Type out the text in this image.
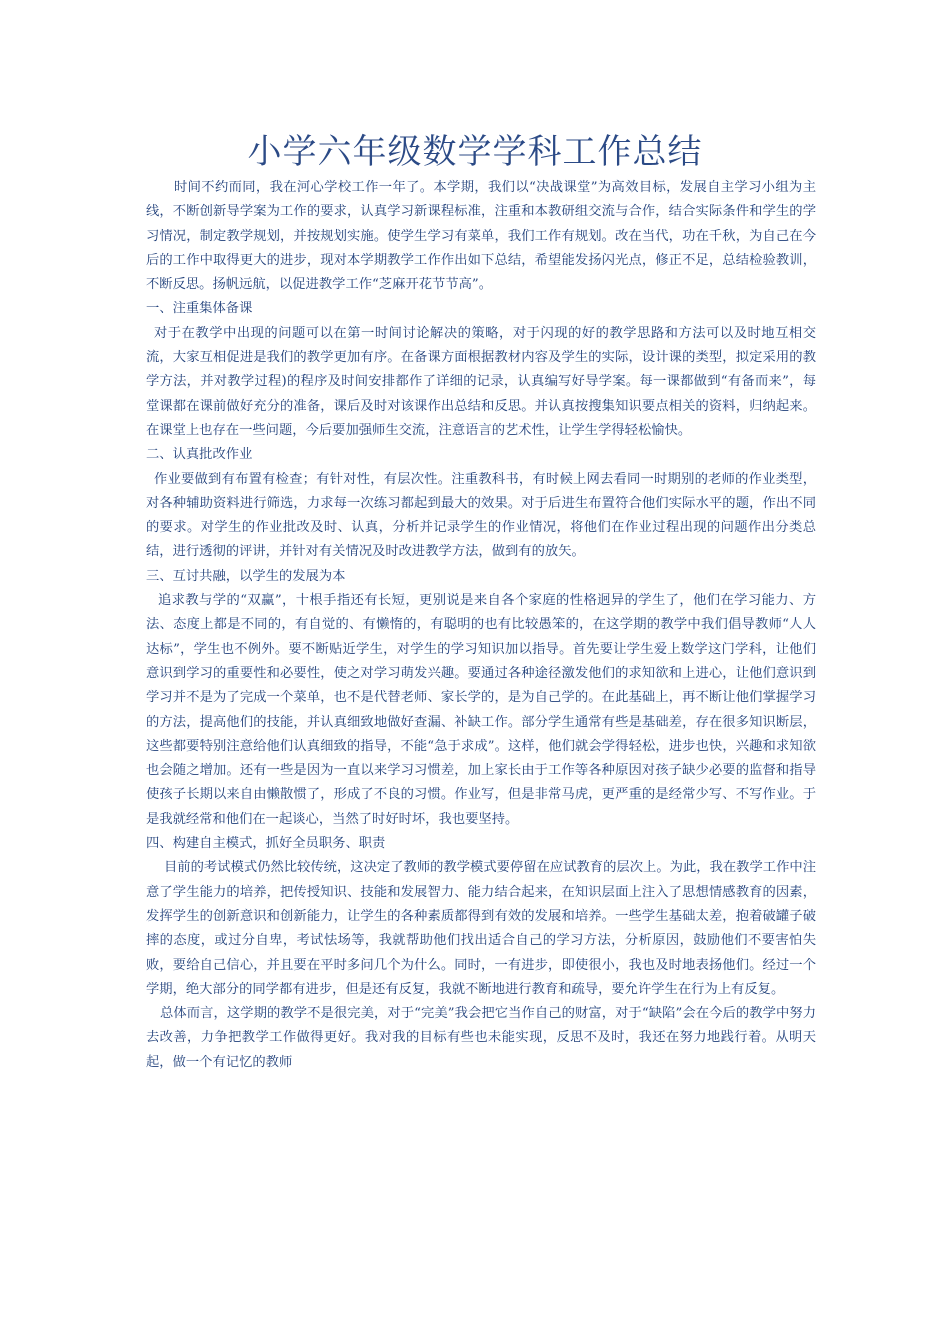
小学六年级数学学科工作总结

时间不约而同，我在河心学校工作一年了。本学期，我们以“决战课堂”为高效目标，发展自主学习小组为主线，不断创新导学案为工作的要求，认真学习新课程标准，注重和本教研组交流与合作，结合实际条件和学生的学习情况，制定教学规划，并按规划实施。使学生学习有菜单，我们工作有规划。改在当代，功在千秋，为自己在今后的工作中取得更大的进步，现对本学期教学工作作出如下总结，希望能发扬闪光点，修正不足，总结检验教训，不断反思。扬帆远航，以促进教学工作“芝麻开花节节高”。

一、注重集体备课

对于在教学中出现的问题可以在第一时间讨论解决的策略，对于闪现的好的教学思路和方法可以及时地互相交流，大家互相促进是我们的教学更加有序。在备课方面根据教材内容及学生的实际，设计课的类型，拟定采用的教学方法，并对教学过程)的程序及时间安排都作了详细的记录，认真编写好导学案。每一课都做到“有备而来”，每堂课都在课前做好充分的准备，课后及时对该课作出总结和反思。并认真按搜集知识要点相关的资料，归纳起来。在课堂上也存在一些问题，今后要加强师生交流，注意语言的艺术性，让学生学得轻松愉快。

二、认真批改作业

作业要做到有布置有检查；有针对性，有层次性。注重教科书，有时候上网去看同一时期别的老师的作业类型，对各种辅助资料进行筛选，力求每一次练习都起到最大的效果。对于后进生布置符合他们实际水平的题，作出不同的要求。对学生的作业批改及时、认真，分析并记录学生的作业情况，将他们在作业过程出现的问题作出分类总结，进行透彻的评讲，并针对有关情况及时改进教学方法，做到有的放矢。

三、互讨共融，以学生的发展为本

追求教与学的“双赢”，十根手指还有长短，更别说是来自各个家庭的性格迥异的学生了，他们在学习能力、方法、态度上都是不同的，有自觉的、有懒惰的，有聪明的也有比较愚笨的，在这学期的教学中我们倡导教师“人人达标”，学生也不例外。要不断贴近学生，对学生的学习知识加以指导。首先要让学生爱上数学这门学科，让他们意识到学习的重要性和必要性，使之对学习萌发兴趣。要通过各种途径激发他们的求知欲和上进心，让他们意识到学习并不是为了完成一个菜单，也不是代替老师、家长学的，是为自己学的。在此基础上，再不断让他们掌握学习的方法，提高他们的技能，并认真细致地做好查漏、补缺工作。部分学生通常有些是基础差，存在很多知识断层，这些都要特别注意给他们认真细致的指导，不能“急于求成”。这样，他们就会学得轻松，进步也快，兴趣和求知欲也会随之增加。还有一些是因为一直以来学习习惯差，加上家长由于工作等各种原因对孩子缺少必要的监督和指导使孩子长期以来自由懒散惯了，形成了不良的习惯。作业写，但是非常马虎，更严重的是经常少写、不写作业。于是我就经常和他们在一起谈心，当然了时好时坏，我也要坚持。

四、构建自主模式，抓好全员职务、职责

目前的考试模式仍然比较传统，这决定了教师的教学模式要停留在应试教育的层次上。为此，我在教学工作中注意了学生能力的培养，把传授知识、技能和发展智力、能力结合起来，在知识层面上注入了思想情感教育的因素，发挥学生的创新意识和创新能力，让学生的各种素质都得到有效的发展和培养。一些学生基础太差，抱着破罐子破摔的态度，或过分自卑，考试怯场等，我就帮助他们找出适合自己的学习方法，分析原因，鼓励他们不要害怕失败，要给自己信心，并且要在平时多问几个为什么。同时，一有进步，即使很小，我也及时地表扬他们。经过一个学期，绝大部分的同学都有进步，但是还有反复，我就不断地进行教育和疏导，要允许学生在行为上有反复。

总体而言，这学期的教学不是很完美，对于“完美”我会把它当作自己的财富，对于“缺陷”会在今后的教学中努力去改善，力争把教学工作做得更好。我对我的目标有些也未能实现，反思不及时，我还在努力地践行着。从明天起，做一个有记忆的教师
